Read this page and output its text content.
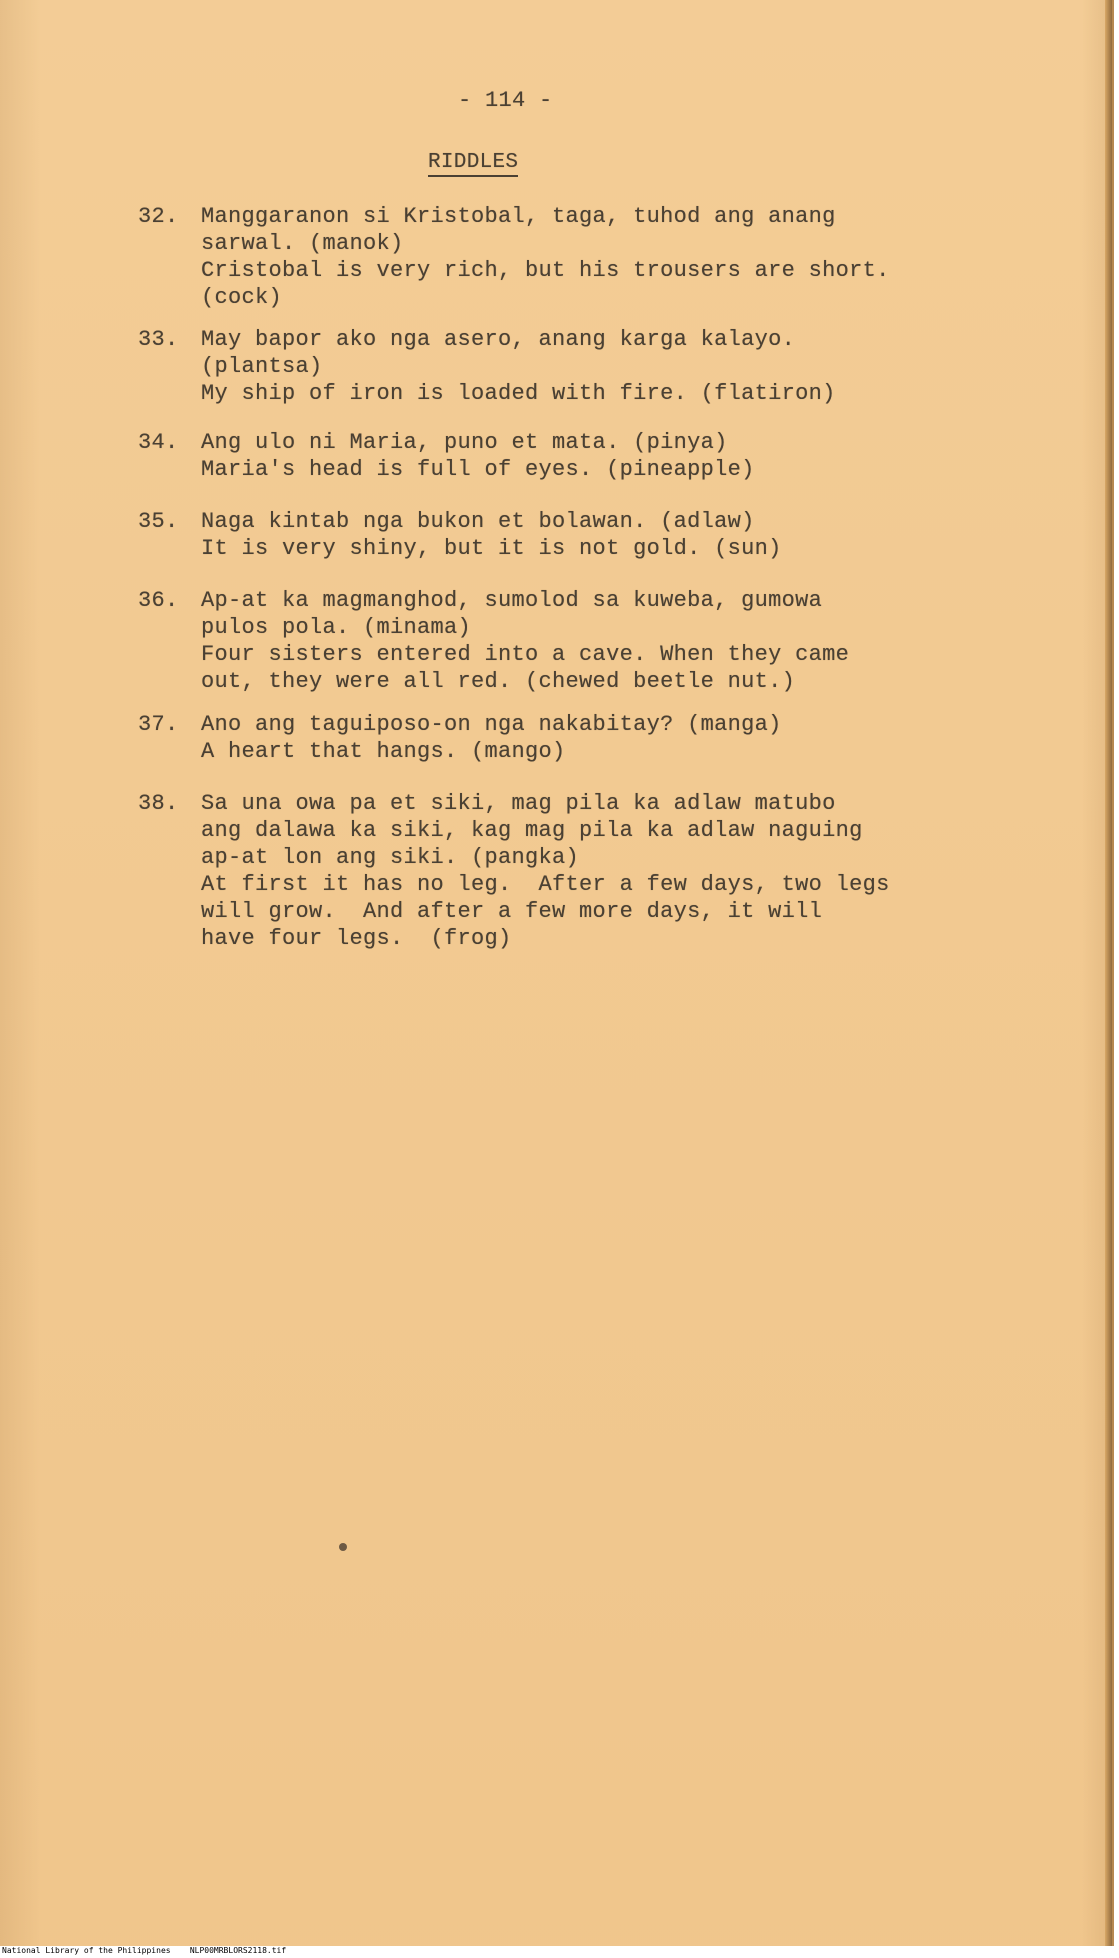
- 114 -
RIDDLES
32. Manggaranon si Kristobal, taga, tuhod ang anang
sarwal. (manok)
Cristobal is very rich, but his trousers are short.
(cock)
33. May bapor ako nga asero, anang karga kalayo.
(plantsa)
My ship of iron is loaded with fire. (flatiron)
34. Ang ulo ni Maria, puno et mata. (pinya)
Maria's head is full of eyes. (pineapple)
35. Naga kintab nga bukon et bolawan. (adlaw)
It is very shiny, but it is not gold. (sun)
36. Ap-at ka magmanghod, sumolod sa kuweba, gumowa
pulos pola. (minama)
Four sisters entered into a cave. When they came
out, they were all red. (chewed beetle nut.)
37. Ano ang taguiposo-on nga nakabitay? (manga)
A heart that hangs. (mango)
38. Sa una owa pa et siki, mag pila ka adlaw matubo
ang dalawa ka siki, kag mag pila ka adlaw naguing
ap-at lon ang siki. (pangka)
At first it has no leg.  After a few days, two legs
will grow.  And after a few more days, it will
have four legs.  (frog)
National Library of the Philippines    NLP00MRBLORS2118.tif
